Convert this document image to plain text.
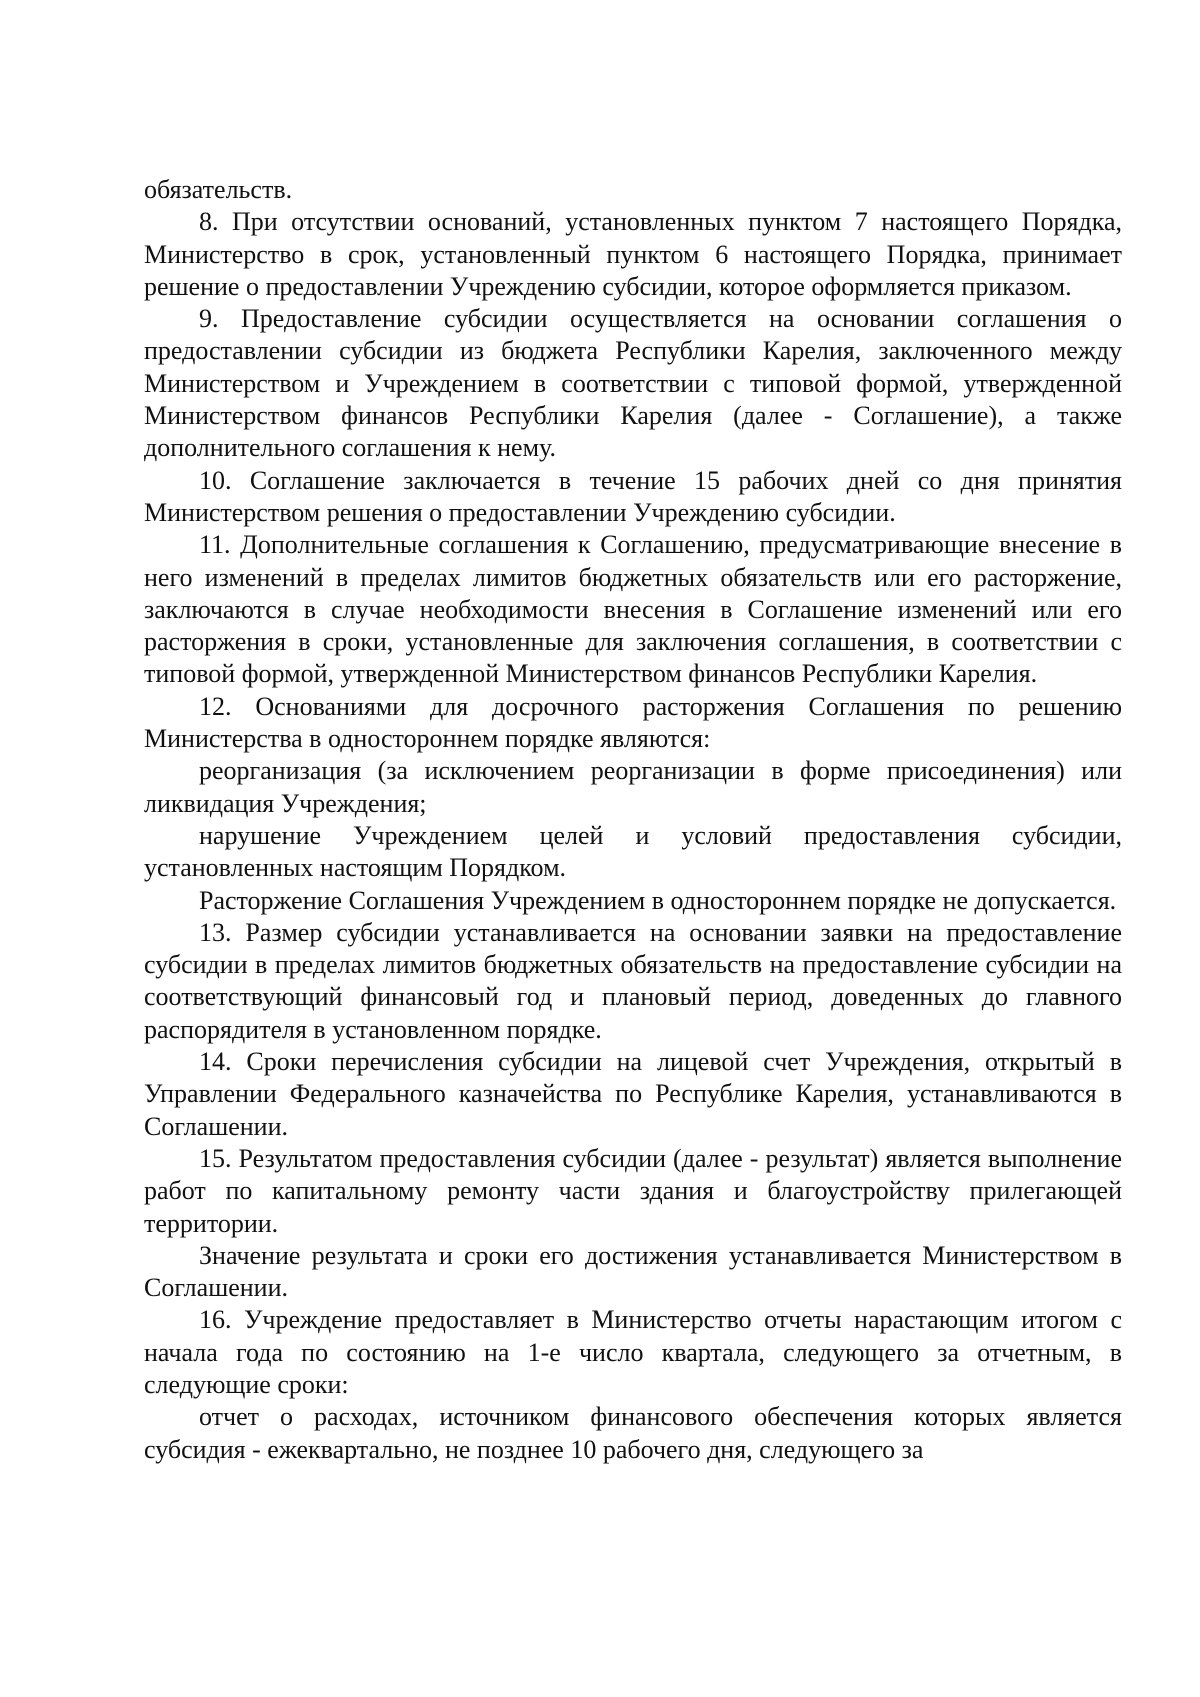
обязательств.

8. При отсутствии оснований, установленных пунктом 7 настоящего Порядка, Министерство в срок, установленный пунктом 6 настоящего Порядка, принимает решение о предоставлении Учреждению субсидии, которое оформляется приказом.

9. Предоставление субсидии осуществляется на основании соглашения о предоставлении субсидии из бюджета Республики Карелия, заключенного между Министерством и Учреждением в соответствии с типовой формой, утвержденной Министерством финансов Республики Карелия (далее - Соглашение), а также дополнительного соглашения к нему.

10. Соглашение заключается в течение 15 рабочих дней со дня принятия Министерством решения о предоставлении Учреждению субсидии.

11. Дополнительные соглашения к Соглашению, предусматривающие внесение в него изменений в пределах лимитов бюджетных обязательств или его расторжение, заключаются в случае необходимости внесения в Соглашение изменений или его расторжения в сроки, установленные для заключения соглашения, в соответствии с типовой формой, утвержденной Министерством финансов Республики Карелия.

12. Основаниями для досрочного расторжения Соглашения по решению Министерства в одностороннем порядке являются:

реорганизация (за исключением реорганизации в форме присоединения) или ликвидация Учреждения;

нарушение Учреждением целей и условий предоставления субсидии, установленных настоящим Порядком.

Расторжение Соглашения Учреждением в одностороннем порядке не допускается.

13. Размер субсидии устанавливается на основании заявки на предоставление субсидии в пределах лимитов бюджетных обязательств на предоставление субсидии на соответствующий финансовый год и плановый период, доведенных до главного распорядителя в установленном порядке.

14. Сроки перечисления субсидии на лицевой счет Учреждения, открытый в Управлении Федерального казначейства по Республике Карелия, устанавливаются в Соглашении.

15. Результатом предоставления субсидии (далее - результат) является выполнение работ по капитальному ремонту части здания и благоустройству прилегающей территории.

Значение результата и сроки его достижения устанавливается Министерством в Соглашении.

16. Учреждение предоставляет в Министерство отчеты нарастающим итогом с начала года по состоянию на 1-е число квартала, следующего за отчетным, в следующие сроки:

отчет о расходах, источником финансового обеспечения которых является субсидия - ежеквартально, не позднее 10 рабочего дня, следующего за
